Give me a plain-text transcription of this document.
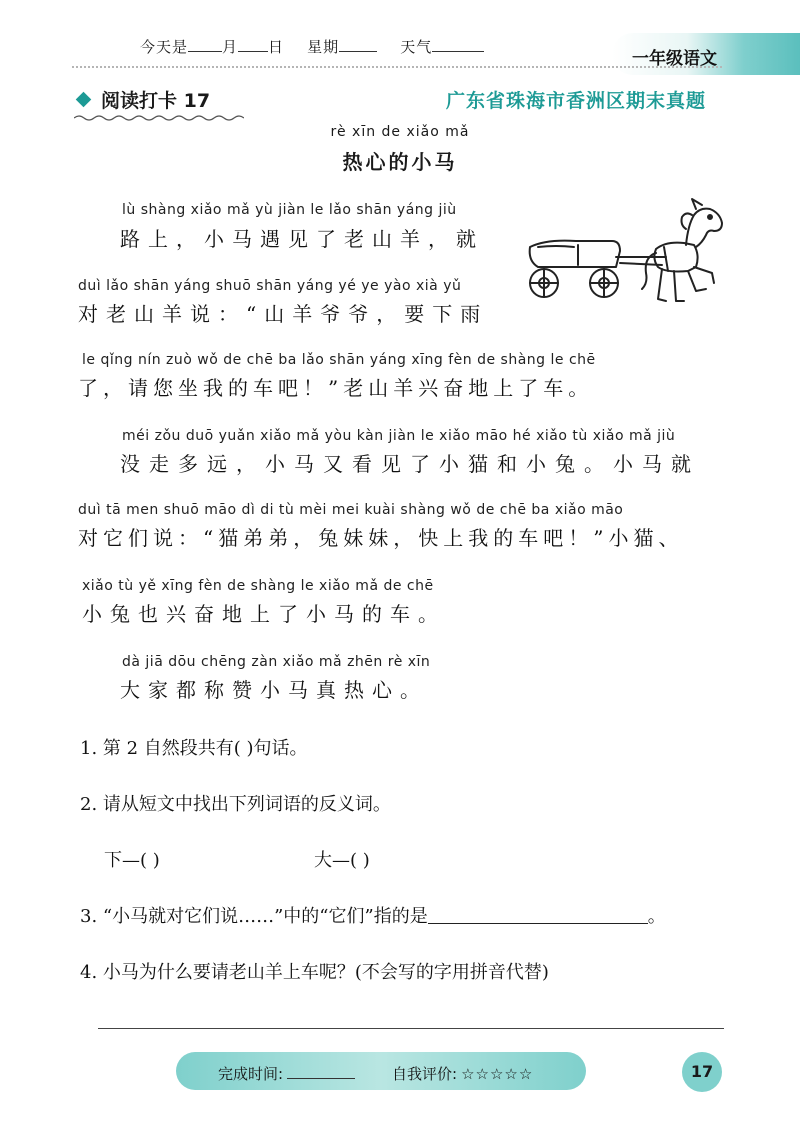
今天是 月 日 星期	天气
一年级语文
阅读打卡 17	广东省珠海市香洲区期末真题
rè xīn de xiǎo mǎ
热心的小马
lù shàng xiǎo mǎ yù jiàn le lǎo shān yáng jiù
路上，小马遇见了老山羊，就
duì lǎo shān yáng shuō shān yáng yé ye yào xià yǔ
对老山羊说：“山羊爷爷，要下雨
le qǐng nín zuò wǒ de chē ba lǎo shān yáng xīng fèn de shàng le chē
了，请您坐我的车吧！”老山羊兴奋地上了车。
méi zǒu duō yuǎn xiǎo mǎ yòu kàn jiàn le xiǎo māo hé xiǎo tù xiǎo mǎ jiù
没走多远，小马又看见了小猫和小兔。小马就
duì tā men shuō māo dì di tù mèi mei kuài shàng wǒ de chē ba xiǎo māo
对它们说：“猫弟弟，兔妹妹，快上我的车吧！”小猫、
xiǎo tù yě xīng fèn de shàng le xiǎo mǎ de chē
小兔也兴奋地上了小马的车。
dà jiā dōu chēng zàn xiǎo mǎ zhēn rè xīn
大家都称赞小马真热心。
1. 第 2 自然段共有( )句话。
2. 请从短文中找出下列词语的反义词。
下—( )	大—( )
3. “小马就对它们说……”中的“它们”指的是	。
4. 小马为什么要请老山羊上车呢？(不会写的字用拼音代替)
完成时间:	自我评价: ☆☆☆☆☆	17
